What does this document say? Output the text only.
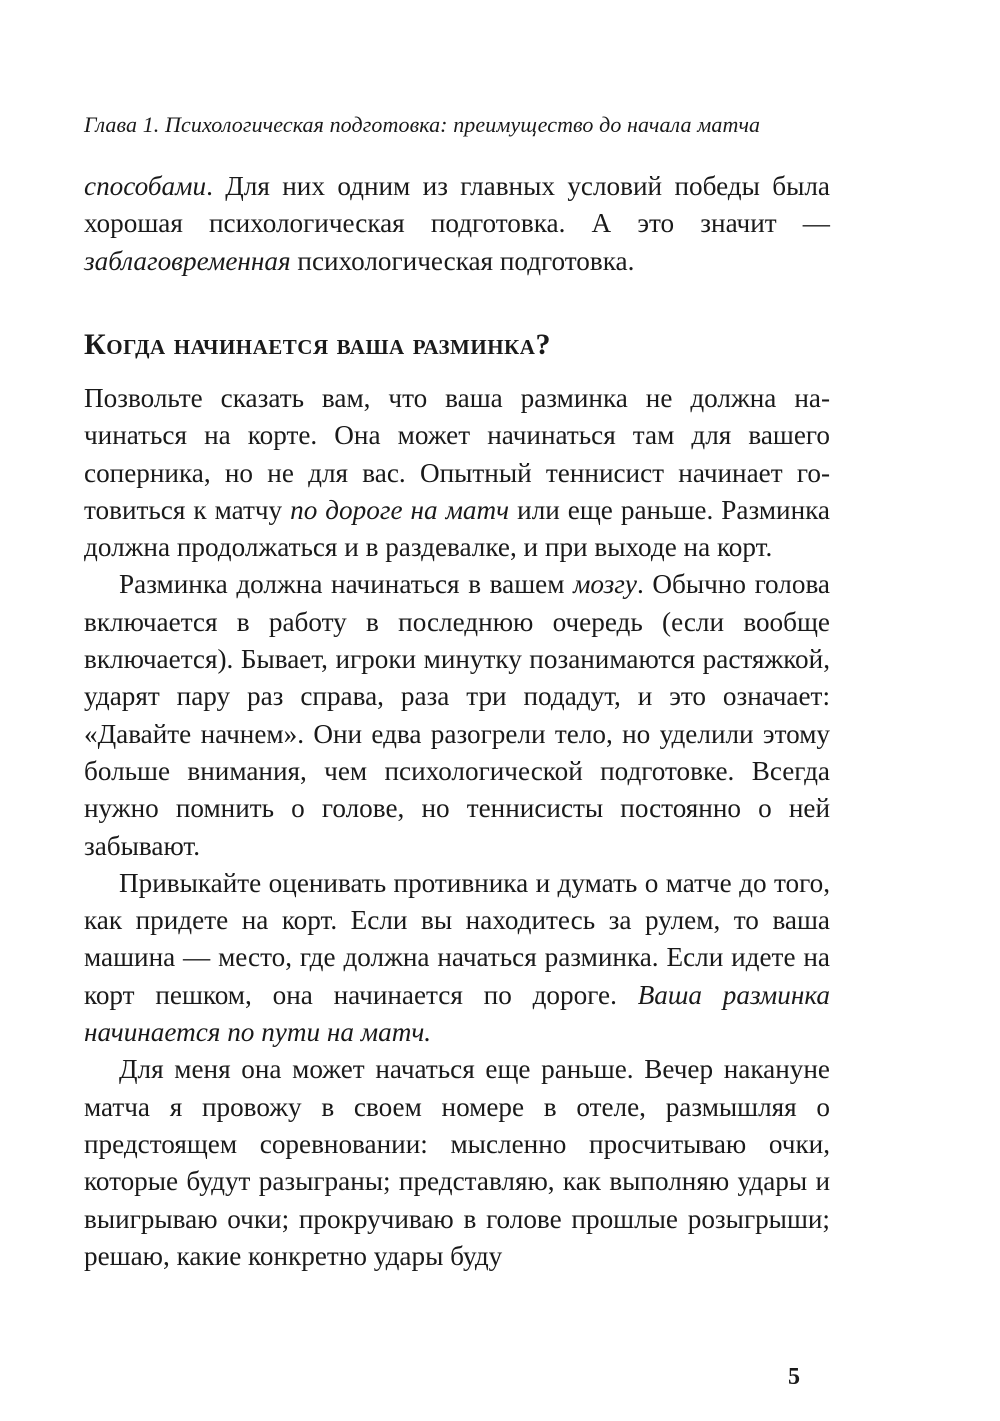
Глава 1. Психологическая подготовка: преимущество до начала матча

способами. Для них одним из главных условий победы была хорошая психологическая подготовка. А это значит — заблаговременная психологическая подготовка.

Когда начинается ваша разминка?

Позвольте сказать вам, что ваша разминка не должна начинаться на корте. Она может начинаться там для вашего соперника, но не для вас. Опытный теннисист начинает готовиться к матчу по дороге на матч или еще раньше. Разминка должна продолжаться и в раздевалке, и при выходе на корт.

Разминка должна начинаться в вашем мозгу. Обычно голова включается в работу в последнюю очередь (если вообще включается). Бывает, игроки минутку позанимаются растяжкой, ударят пару раз справа, раза три подадут, и это означает: «Давайте начнем». Они едва разогрели тело, но уделили этому больше внимания, чем психологической подготовке. Всегда нужно помнить о голове, но теннисисты постоянно о ней забывают.

Привыкайте оценивать противника и думать о матче до того, как придете на корт. Если вы находитесь за рулем, то ваша машина — место, где должна начаться разминка. Если идете на корт пешком, она начинается по дороге. Ваша разминка начинается по пути на матч.

Для меня она может начаться еще раньше. Вечер накануне матча я провожу в своем номере в отеле, размышляя о предстоящем соревновании: мысленно просчитываю очки, которые будут разыграны; представляю, как выполняю удары и выигрываю очки; прокручиваю в голове прошлые розыгрыши; решаю, какие конкретно удары буду

5
